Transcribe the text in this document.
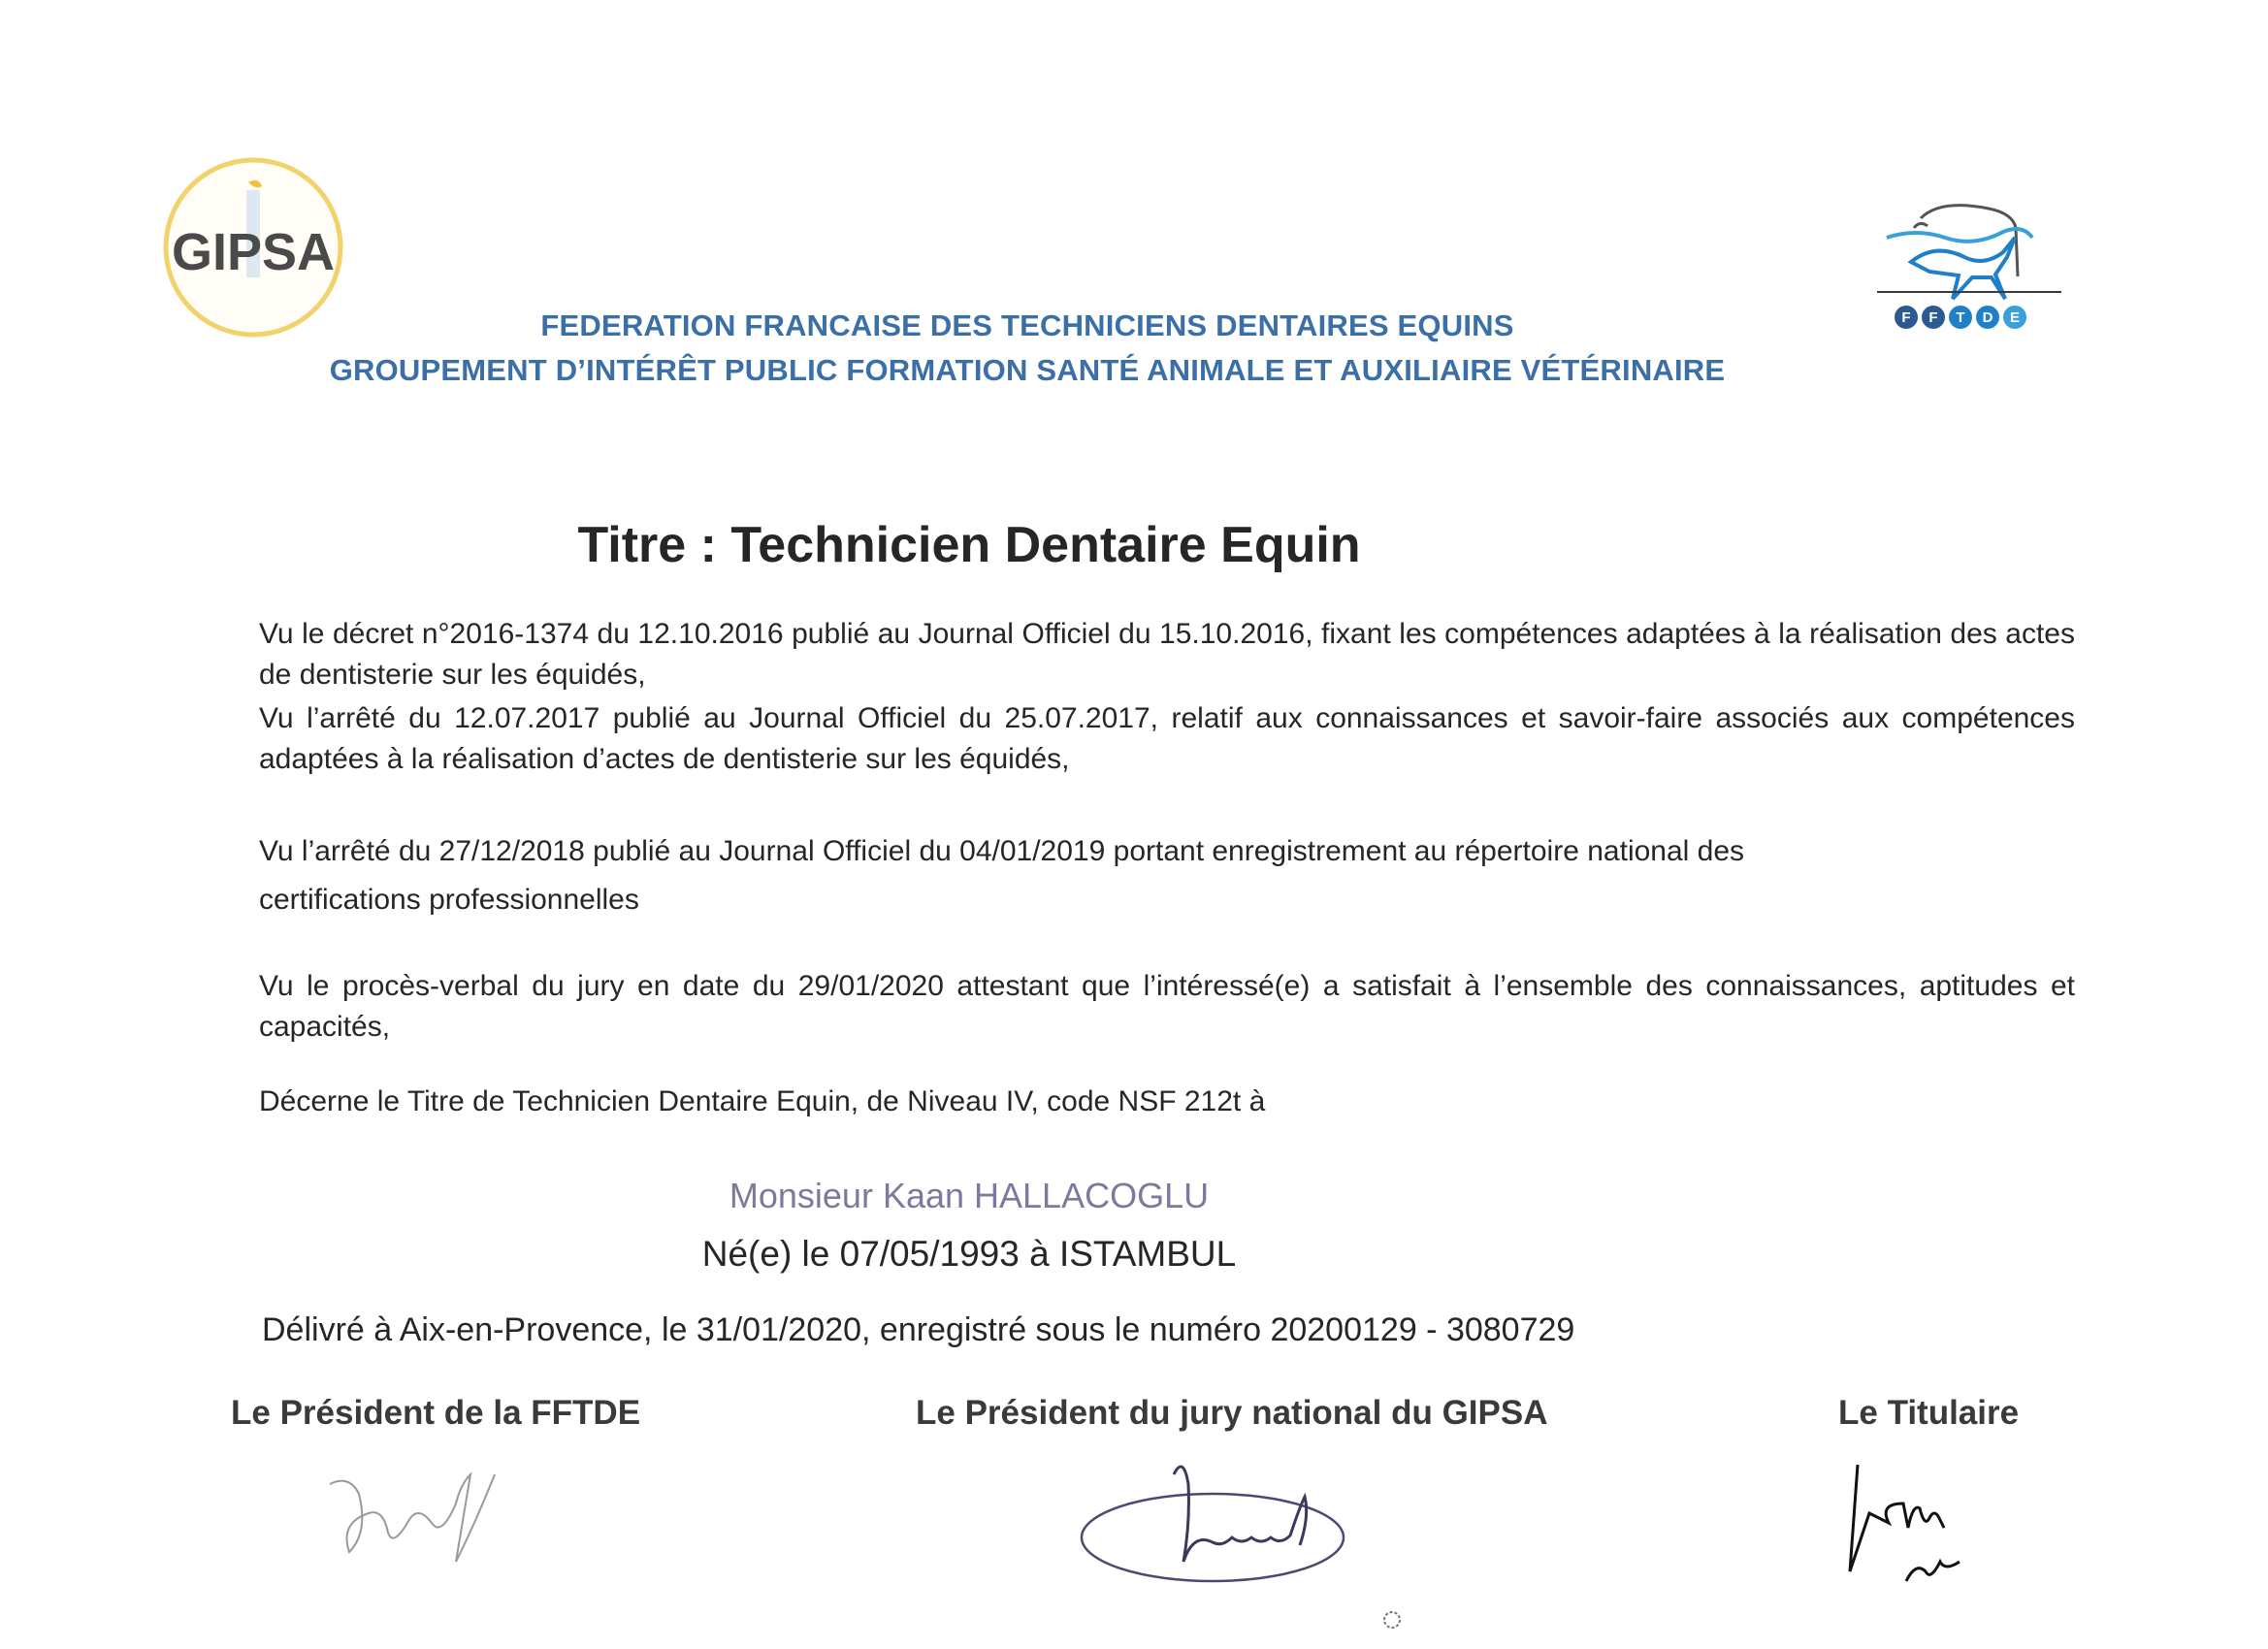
GIPSA
F F T D E
FEDERATION FRANCAISE DES TECHNICIENS DENTAIRES EQUINS
GROUPEMENT D’INTÉRÊT PUBLIC FORMATION SANTÉ ANIMALE ET AUXILIAIRE VÉTÉRINAIRE
Titre : Technicien Dentaire Equin
Vu le décret n°2016-1374 du 12.10.2016 publié au Journal Officiel du 15.10.2016, fixant les compétences adaptées à la réalisation des actes de dentisterie sur les équidés,
Vu l’arrêté du 12.07.2017 publié au Journal Officiel du 25.07.2017, relatif aux connaissances et savoir-faire associés aux compétences adaptées à la réalisation d’actes de dentisterie sur les équidés,
Vu l’arrêté du 27/12/2018 publié au Journal Officiel du 04/01/2019 portant enregistrement au répertoire national des
certifications professionnelles
Vu le procès-verbal du jury en date du 29/01/2020 attestant que l’intéressé(e) a satisfait à l’ensemble des connaissances, aptitudes et capacités,
Décerne le Titre de Technicien Dentaire Equin, de Niveau IV, code NSF 212t à
Monsieur Kaan HALLACOGLU
Né(e) le 07/05/1993 à ISTAMBUL
Délivré à Aix-en-Provence, le 31/01/2020, enregistré sous le numéro 20200129 - 3080729
Le Président de la FFTDE	Le Président du jury national du GIPSA	Le Titulaire
